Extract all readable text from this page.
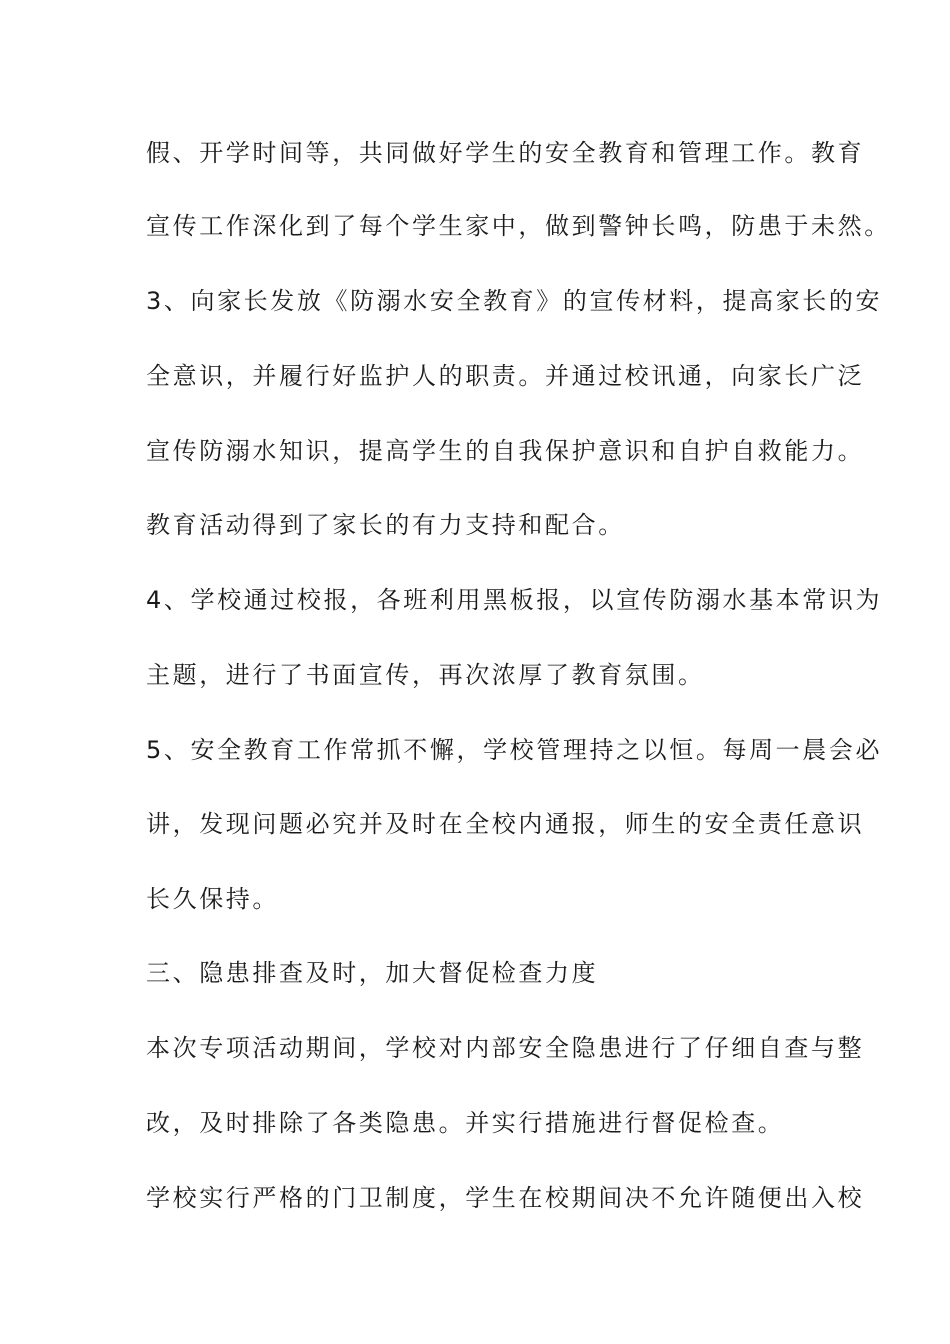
假、开学时间等，共同做好学生的安全教育和管理工作。教育
宣传工作深化到了每个学生家中，做到警钟长鸣，防患于未然。
3、向家长发放《防溺水安全教育》的宣传材料，提高家长的安
全意识，并履行好监护人的职责。并通过校讯通，向家长广泛
宣传防溺水知识，提高学生的自我保护意识和自护自救能力。
教育活动得到了家长的有力支持和配合。
4、学校通过校报，各班利用黑板报，以宣传防溺水基本常识为
主题，进行了书面宣传，再次浓厚了教育氛围。
5、安全教育工作常抓不懈，学校管理持之以恒。每周一晨会必
讲，发现问题必究并及时在全校内通报，师生的安全责任意识
长久保持。
三、隐患排查及时，加大督促检查力度
本次专项活动期间，学校对内部安全隐患进行了仔细自查与整
改，及时排除了各类隐患。并实行措施进行督促检查。
学校实行严格的门卫制度，学生在校期间决不允许随便出入校
